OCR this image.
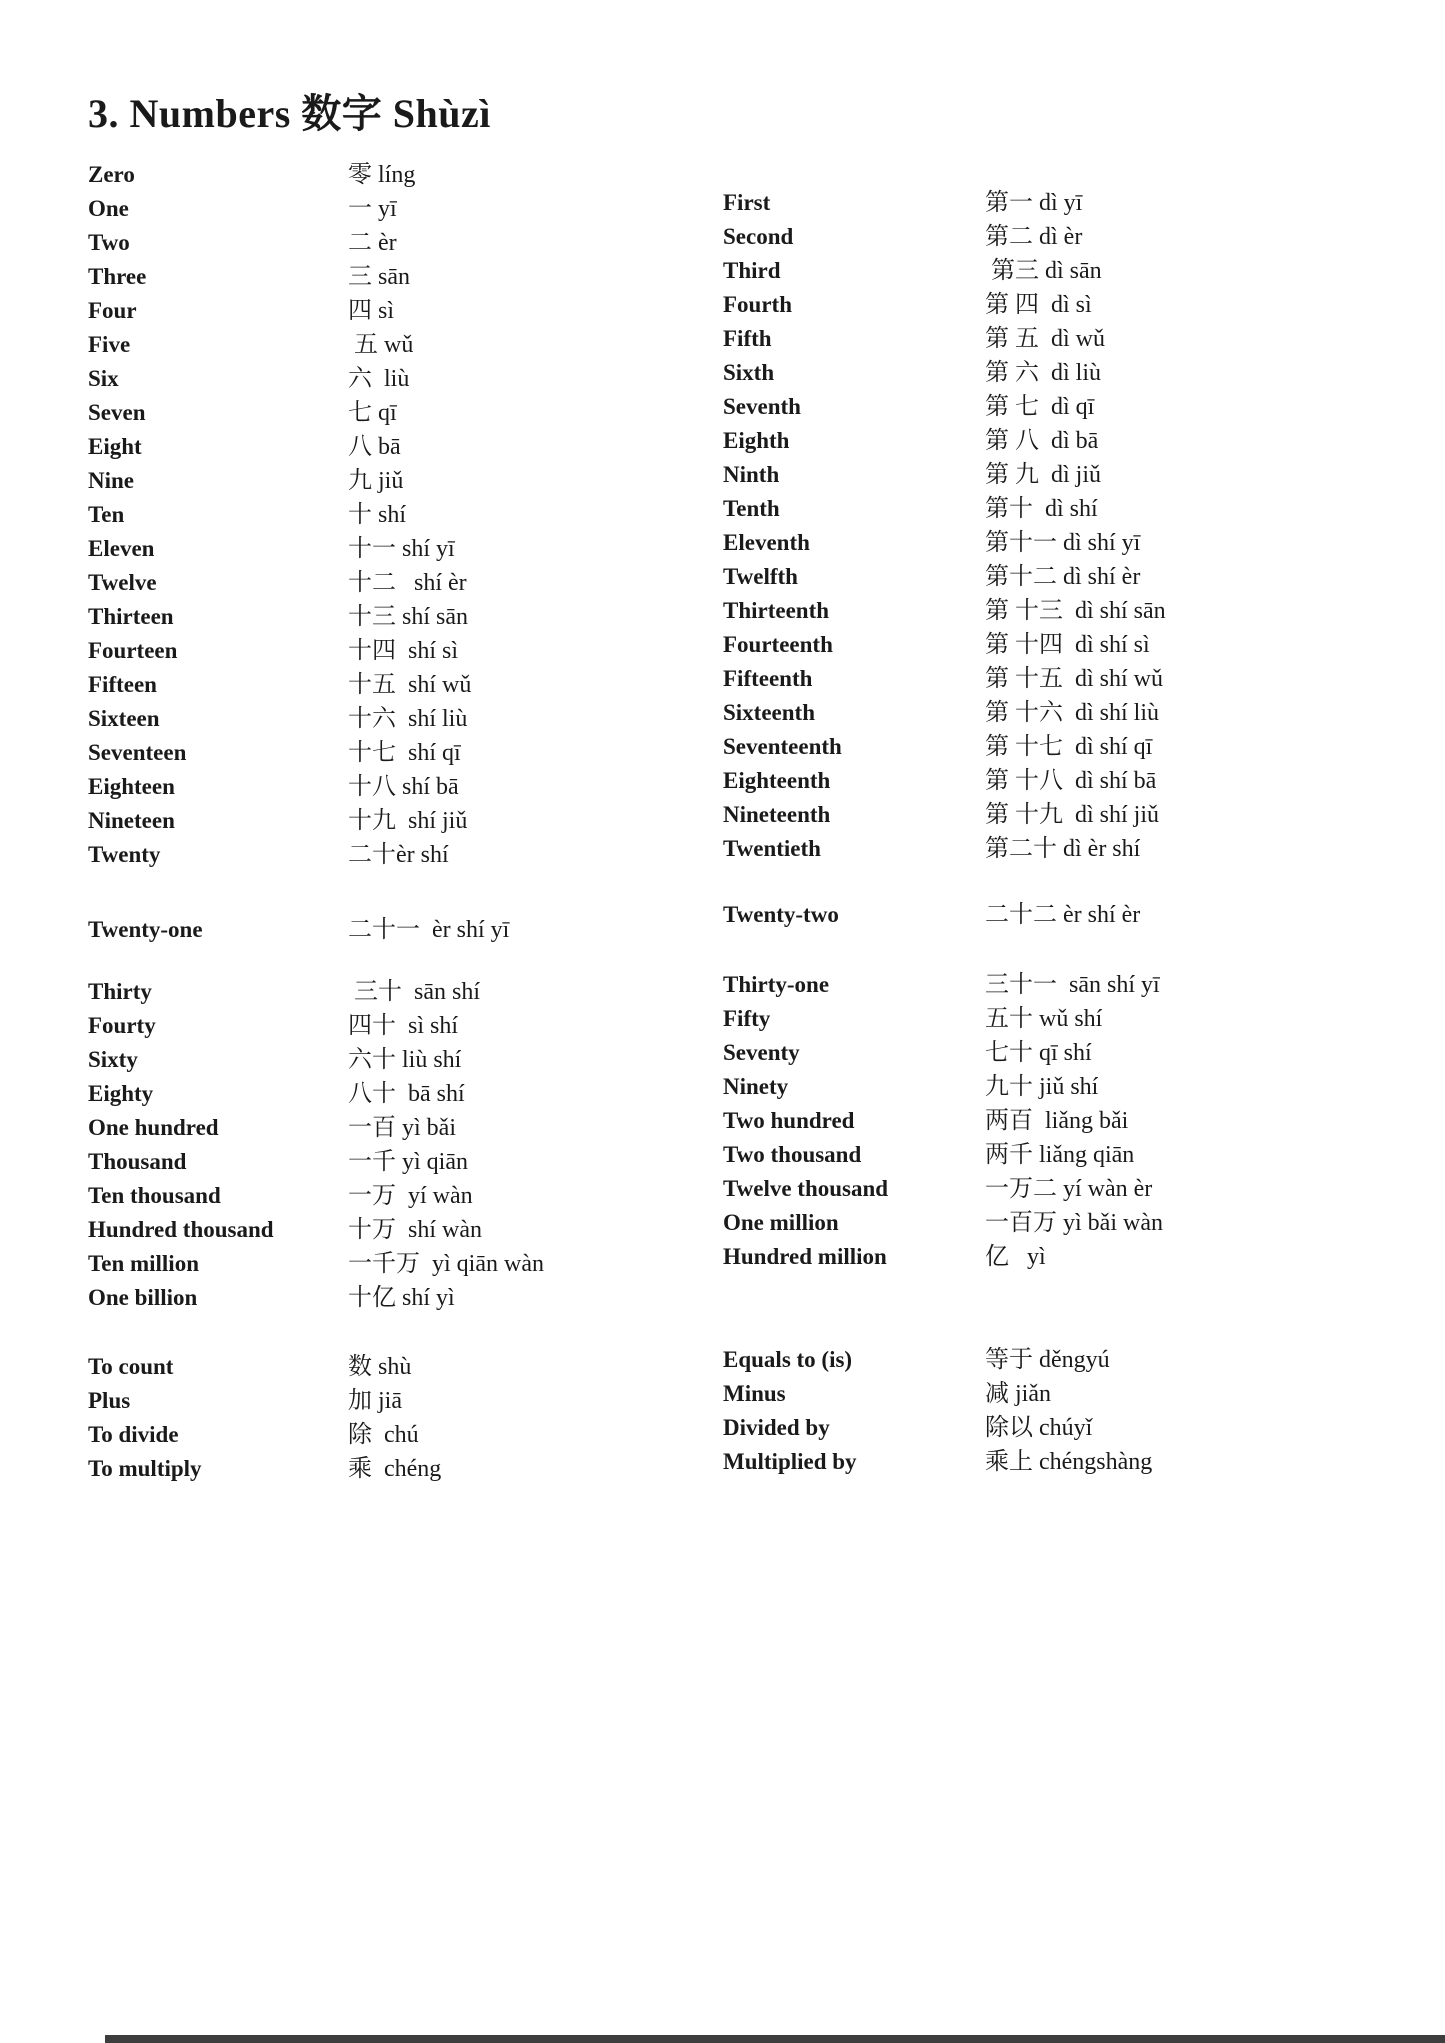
3. Numbers 数字 Shùzì
Zero	零 líng
One	一 yī
Two	二 èr
Three	三 sān
Four	四 sì
Five	五 wǔ
Six	六  liù
Seven	七 qī
Eight	八 bā
Nine	九 jiǔ
Ten	十 shí
Eleven	十一 shí yī
Twelve	十二   shí èr
Thirteen	十三 shí sān
Fourteen	十四  shí sì
Fifteen	十五  shí wǔ
Sixteen	十六  shí liù
Seventeen	十七  shí qī
Eighteen	十八 shí bā
Nineteen	十九  shí jiǔ
Twenty	二十èr shí
Twenty-one	二十一  èr shí yī
Thirty	三十  sān shí
Fourty	四十  sì shí
Sixty	六十 liù shí
Eighty	八十  bā shí
One hundred	一百 yì bǎi
Thousand	一千 yì qiān
Ten thousand	一万  yí wàn
Hundred thousand	十万  shí wàn
Ten million	一千万  yì qiān wàn
One billion	十亿 shí yì
To count	数 shù
Plus	加 jiā
To divide	除  chú
To multiply	乘  chéng
First	第一 dì yī
Second	第二 dì èr
Third	第三 dì sān
Fourth	第 四  dì sì
Fifth	第 五  dì wǔ
Sixth	第 六  dì liù
Seventh	第 七  dì qī
Eighth	第 八  dì bā
Ninth	第 九  dì jiǔ
Tenth	第十  dì shí
Eleventh	第十一 dì shí yī
Twelfth	第十二 dì shí èr
Thirteenth	第 十三  dì shí sān
Fourteenth	第 十四  dì shí sì
Fifteenth	第 十五  dì shí wǔ
Sixteenth	第 十六  dì shí liù
Seventeenth	第 十七  dì shí qī
Eighteenth	第 十八  dì shí bā
Nineteenth	第 十九  dì shí jiǔ
Twentieth	第二十 dì èr shí
Twenty-two	二十二 èr shí èr
Thirty-one	三十一  sān shí yī
Fifty	五十 wǔ shí
Seventy	七十 qī shí
Ninety	九十 jiǔ shí
Two hundred	两百  liǎng bǎi
Two thousand	两千 liǎng qiān
Twelve thousand	一万二 yí wàn èr
One million	一百万 yì bǎi wàn
Hundred million	亿   yì
Equals to (is)	等于 děngyú
Minus	减 jiǎn
Divided by	除以 chúyǐ
Multiplied by	乘上 chéngshàng
